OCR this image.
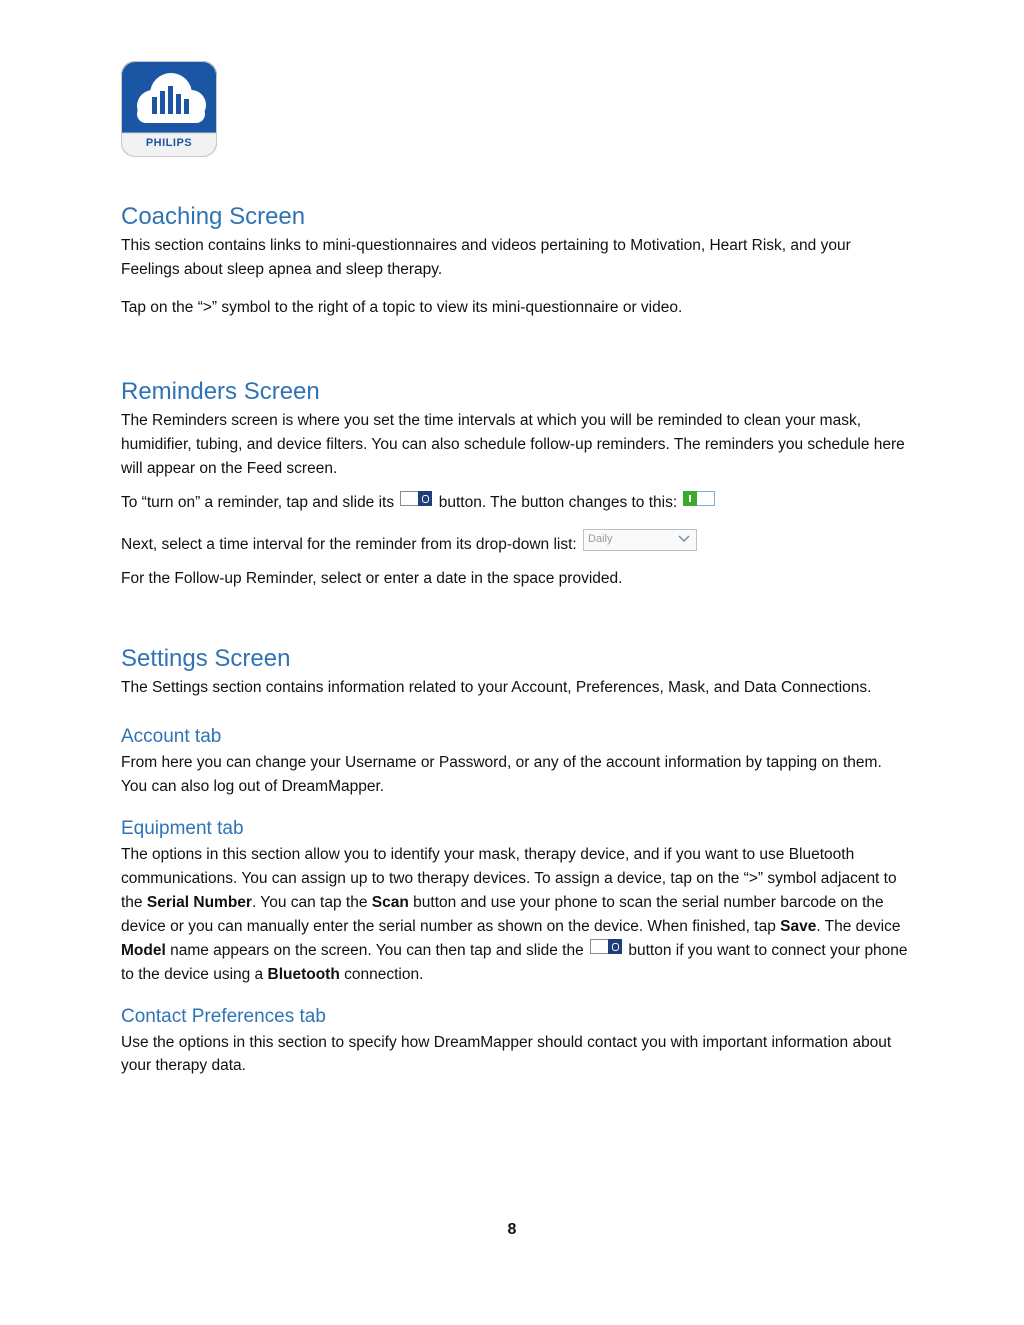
PHILIPS
Coaching Screen

This section contains links to mini-questionnaires and videos pertaining to Motivation, Heart Risk, and your Feelings about sleep apnea and sleep therapy.

Tap on the “>” symbol to the right of a topic to view its mini-questionnaire or video.

Reminders Screen

The Reminders screen is where you set the time intervals at which you will be reminded to clean your mask, humidifier, tubing, and device filters. You can also schedule follow-up reminders. The reminders you schedule here will appear on the Feed screen.

To “turn on” a reminder, tap and slide its	button. The button changes to this:

Next, select a time interval for the reminder from its drop-down list: Daily

For the Follow-up Reminder, select or enter a date in the space provided.

Settings Screen

The Settings section contains information related to your Account, Preferences, Mask, and Data Connections.

Account tab

From here you can change your Username or Password, or any of the account information by tapping on them. You can also log out of DreamMapper.

Equipment tab

The options in this section allow you to identify your mask, therapy device, and if you want to use Bluetooth communications. You can assign up to two therapy devices. To assign a device, tap on the “>” symbol adjacent to the Serial Number. You can tap the Scan button and use your phone to scan the serial number barcode on the device or you can manually enter the serial number as shown on the device. When finished, tap Save. The device Model name appears on the screen. You can then tap and slide the
button if you want to connect your phone to the device using a Bluetooth connection.

Contact Preferences tab

Use the options in this section to specify how DreamMapper should contact you with important information about your therapy data.

8
